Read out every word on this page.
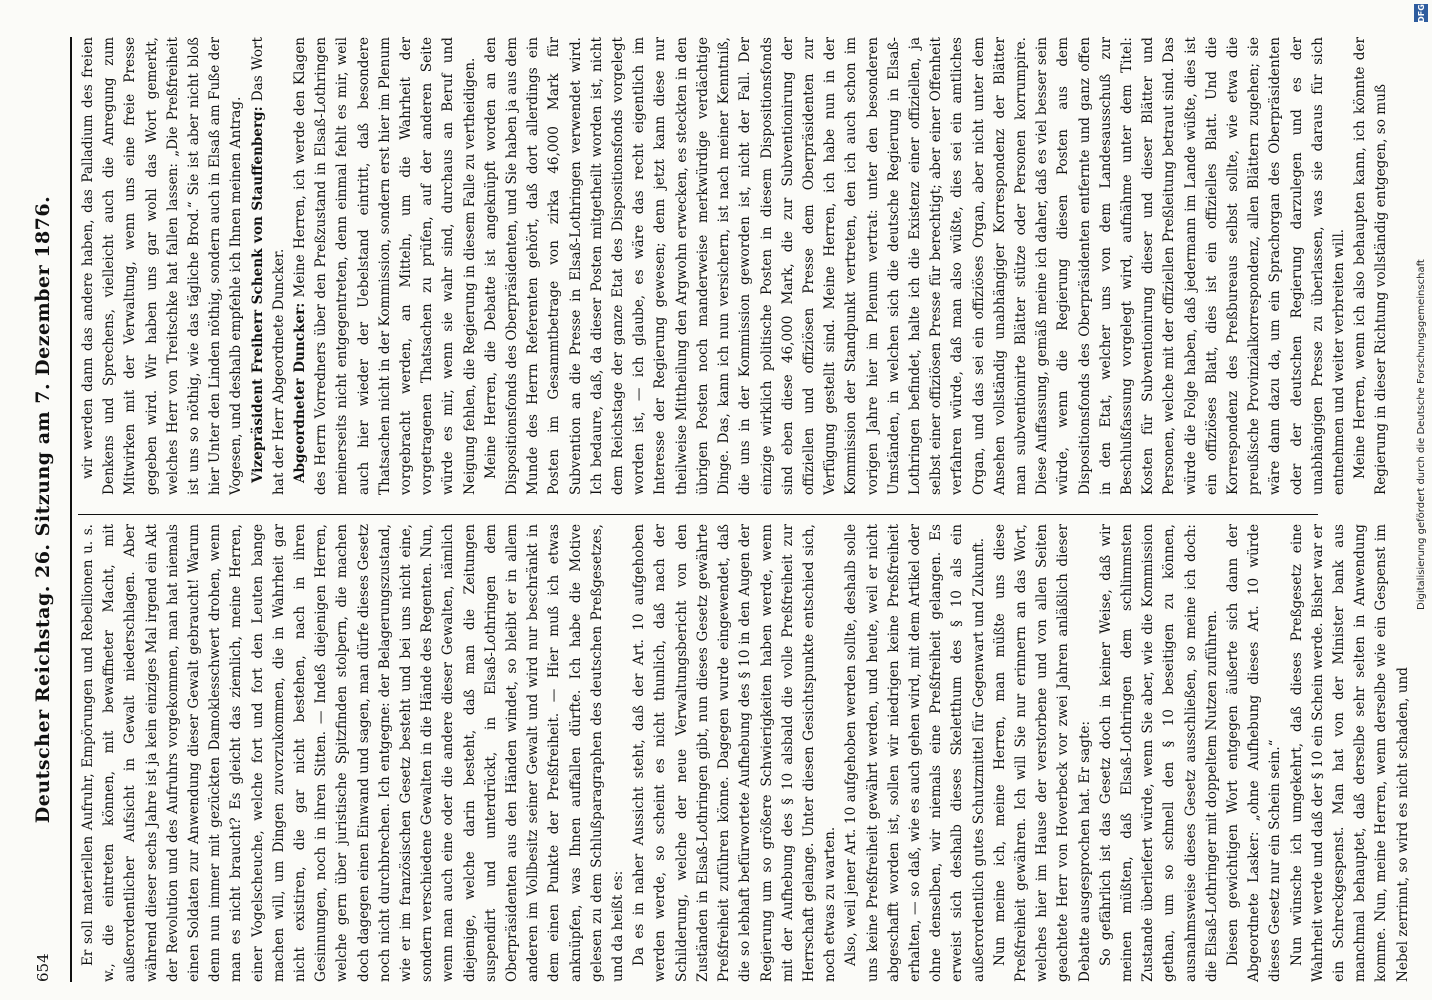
654
Deutscher Reichstag. 26. Sitzung am 7. Dezember 1876. Er soll materiellen Aufruhr, Empörungen und Rebellionen u. s. w., die eintreten können, mit bewaffneter Macht, mit außerordentlicher Aufsicht in Gewalt niederschlagen. Aber während dieser sechs Jahre ist ja kein einziges Mal irgend ein Akt der Revolution und des Aufruhrs vorgekommen, man hat niemals einen Soldaten zur Anwendung dieser Gewalt gebraucht! Warum denn nun immer mit gezückten Damoklesschwert drohen, wenn man es nicht braucht? Es gleicht das ziemlich, meine Herren, einer Vogelscheuche, welche fort und fort den Leuten bange machen will, um Dingen zuvorzukommen, die in Wahrheit gar nicht existiren, die gar nicht bestehen, nach in ihren Gesinnungen, noch in ihren Sitten. — Indeß diejenigen Herren, welche gern über juristische Spitzfinden stolpern, die machen doch dagegen einen Einwand und sagen, man dürfe dieses Gesetz noch nicht durchbrechen. Ich entgegne: der Belagerungszustand, wie er im französischen Gesetz besteht und bei uns nicht eine, sondern verschiedene Gewalten in die Hände des Regenten. Nun, wenn man auch eine oder die andere dieser Gewalten, nämlich diejenige, welche darin besteht, daß man die Zeitungen suspendirt und unterdrückt, in Elsaß-Lothringen dem Oberpräsidenten aus den Händen windet, so bleibt er in allem anderen im Vollbesitz seiner Gewalt und wird nur beschränkt in dem einen Punkte der Preßfreiheit. — Hier muß ich etwas anknüpfen, was Ihnen auffallen dürfte. Ich habe die Motive gelesen zu dem Schlußparagraphen des deutschen Preßgesetzes, und da heißt es: Da es in naher Aussicht steht, daß der Art. 10 aufgehoben werden werde, so scheint es nicht thunlich, daß nach der Schilderung, welche der neue Verwaltungsbericht von den Zuständen in Elsaß-Lothringen gibt, nun dieses Gesetz gewährte Preßfreiheit zuführen könne. Dagegen wurde eingewendet, daß die so lebhaft befürwortete Aufhebung des § 10 in den Augen der Regierung um so größere Schwierigkeiten haben werde, wenn mit der Aufhebung des § 10 alsbald die volle Preßfreiheit zur Herrschaft gelange. Unter diesen Gesichtspunkte entschied sich, noch etwas zu warten. Also, weil jener Art. 10 aufgehoben werden sollte, deshalb solle uns keine Preßfreiheit gewährt werden, und heute, weil er nicht abgeschafft worden ist, sollen wir niedrigen keine Preßfreiheit erhalten, — so daß, wie es auch gehen wird, mit dem Artikel oder ohne denselben, wir niemals eine Preßfreiheit gelangen. Es erweist sich deshalb dieses Skeletthum des § 10 als ein außerordentlich gutes Schutzmittel für Gegenwart und Zukunft. Nun meine ich, meine Herren, man müßte uns diese Preßfreiheit gewähren. Ich will Sie nur erinnern an das Wort, welches hier im Hause der verstorbene und von allen Seiten geachtete Herr von Hoverbeck vor zwei Jahren anläßlich dieser Debatte ausgesprochen hat. Er sagte: So gefährlich ist das Gesetz doch in keiner Weise, daß wir meinen müßten, daß Elsaß-Lothringen dem schlimmsten Zustande überliefert würde, wenn Sie aber, wie die Kommission gethan, um so schnell den § 10 beseitigen zu können, ausnahmsweise dieses Gesetz ausschließen, so meine ich doch: die Elsaß-Lothringer mit doppeltem Nutzen zuführen. Diesen gewichtigen Wort entgegen äußerte sich dann der Abgeordnete Lasker: „ohne Aufhebung dieses Art. 10 würde dieses Gesetz nur ein Schein sein.“ Nun wünsche ich umgekehrt, daß dieses Preßgesetz eine Wahrheit werde und daß der § 10 ein Schein werde. Bisher war er ein Schreckgespenst. Man hat von der Minister bank aus manchmal behauptet, daß derselbe sehr selten in Anwendung komme. Nun, meine Herren, wenn derselbe wie ein Gespenst im Nebel zerrinnt, so wird es nicht schaden, und

wir werden dann das andere haben, das Palladium des freien Denkens und Sprechens, vielleicht auch die Anregung zum Mitwirken mit der Verwaltung, wenn uns eine freie Presse gegeben wird. Wir haben uns gar wohl das Wort gemerkt, welches Herr von Treitschke hat fallen lassen: „Die Preßfreiheit ist uns so nöthig, wie das tägliche Brod.“ Sie ist aber nicht bloß hier Unter den Linden nöthig, sondern auch in Elsaß am Fuße der Vogesen, und deshalb empfehle ich Ihnen meinen Antrag. Vizepräsident Freiherr Schenk von Stauffenberg: Das Wort hat der Herr Abgeordnete Duncker. Abgeordneter Duncker: Meine Herren, ich werde den Klagen des Herrn Vorredners über den Preßzustand in Elsaß-Lothringen meinerseits nicht entgegentreten, denn einmal fehlt es mir, weil auch hier wieder der Uebelstand eintritt, daß besondere Thatsachen nicht in der Kommission, sondern erst hier im Plenum vorgebracht werden, an Mitteln, um die Wahrheit der vorgetragenen Thatsachen zu prüfen, auf der anderen Seite würde es mir, wenn sie wahr sind, durchaus an Beruf und Neigung fehlen, die Regierung in diesem Falle zu vertheidigen. Meine Herren, die Debatte ist angeknüpft worden an den Dispositionsfonds des Oberpräsidenten, und Sie haben ja aus dem Munde des Herrn Referenten gehört, daß dort allerdings ein Posten im Gesammtbetrage von zirka 46,000 Mark für Subvention an die Presse in Elsaß-Lothringen verwendet wird. Ich bedaure, daß, da dieser Posten mitgetheilt worden ist, nicht dem Reichstage der ganze Etat des Dispositionsfonds vorgelegt worden ist, — ich glaube, es wäre das recht eigentlich im Interesse der Regierung gewesen; denn jetzt kann diese nur theilweise Mittheilung den Argwohn erwecken, es steckten in den übrigen Posten noch manderweise merkwürdige verdächtige Dinge. Das, kann ich nun versichern, ist nach meiner Kenntniß, die uns in der Kommission geworden ist, nicht der Fall. Der einzige wirklich politische Posten in diesem Dispositionsfonds sind eben diese 46,000 Mark, die zur Subventionirung der offiziellen und offiziösen Presse dem Oberpräsidenten zur Verfügung gestellt sind. Meine Herren, ich habe nun in der Kommission der Standpunkt vertreten, den ich auch schon im vorigen Jahre hier im Plenum vertrat: unter den besonderen Umständen, in welchen sich die deutsche Regierung in Elsaß-Lothringen befindet, halte ich die Existenz einer offiziellen, ja selbst einer offiziösen Presse für berechtigt; aber einer Offenheit verfahren würde, daß man also wüßte, dies sei ein amtliches Organ, und das sei ein offiziöses Organ, aber nicht unter dem Ansehen vollständig unabhängiger Korrespondenz der Blätter man subventionirte Blätter stütze oder Personen korrumpire. Diese Auffassung, gemäß meine ich daher, daß es viel besser sein würde, wenn die Regierung diesen Posten aus dem Dispositionsfonds des Oberpräsidenten entfernte und ganz offen in den Etat, welcher uns von dem Landesausschuß zur Beschlußfassung vorgelegt wird, aufnähme unter dem Titel: Kosten für Subventionirung dieser und dieser Blätter und Personen, welche mit der offiziellen Preßleitung betraut sind. Das würde die Folge haben, daß jedermann im Lande wüßte, dies ist ein offiziöses Blatt, dies ist ein offizielles Blatt. Und die Korrespondenz des Preßbureaus selbst sollte, wie etwa die preußische Provinzialkorrespondenz, allen Blättern zugehen; sie wäre dann dazu da, um ein Sprachorgan des Oberpräsidenten oder der deutschen Regierung darzulegen und es der unabhängigen Presse zu überlassen, was sie daraus für sich entnehmen und weiter verbreiten will. Meine Herren, wenn ich also behaupten kann, ich könnte der Regierung in dieser Richtung vollständig entgegen, so muß

DFG
Digitalisierung gefördert durch die Deutsche Forschungsgemeinschaft
